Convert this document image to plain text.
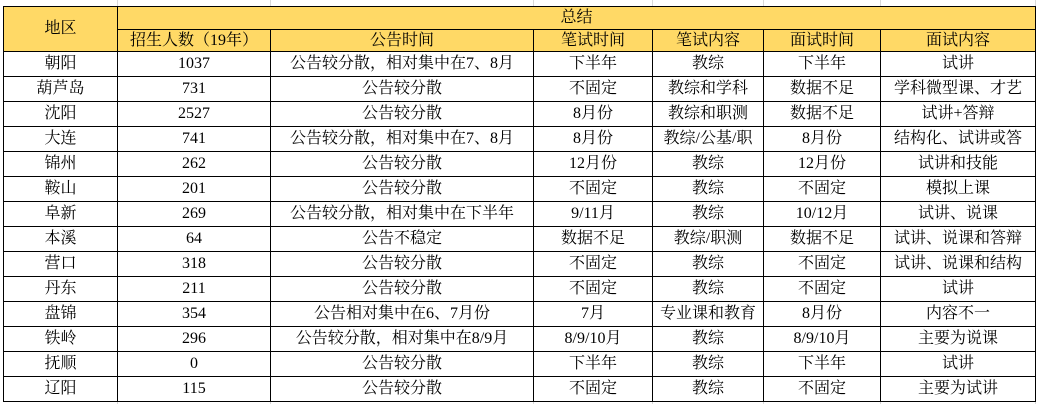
地区	总结					
	招生人数（19年）	公告时间	笔试时间	笔试内容	面试时间	面试内容
朝阳	1037	公告较分散，相对集中在7、8月	下半年	教综	下半年	试讲
葫芦岛	731	公告较分散	不固定	教综和学科	数据不足	学科微型课、才艺
沈阳	2527	公告较分散	8月份	教综和职测	数据不足	试讲+答辩
大连	741	公告较分散，相对集中在7、8月	8月份	教综/公基/职	8月份	结构化、试讲或答
锦州	262	公告较分散	12月份	教综	12月份	试讲和技能
鞍山	201	公告较分散	不固定	教综	不固定	模拟上课
阜新	269	公告较分散，相对集中在下半年	9/11月	教综	10/12月	试讲、说课
本溪	64	公告不稳定	数据不足	教综/职测	数据不足	试讲、说课和答辩
营口	318	公告较分散	不固定	教综	不固定	试讲、说课和结构
丹东	211	公告较分散	不固定	教综	不固定	试讲
盘锦	354	公告相对集中在6、7月份	7月	专业课和教育	8月份	内容不一
铁岭	296	公告较分散，相对集中在8/9月	8/9/10月	教综	8/9/10月	主要为说课
抚顺	0	公告较分散	下半年	教综	下半年	试讲
辽阳	115	公告较分散	不固定	教综	不固定	主要为试讲
